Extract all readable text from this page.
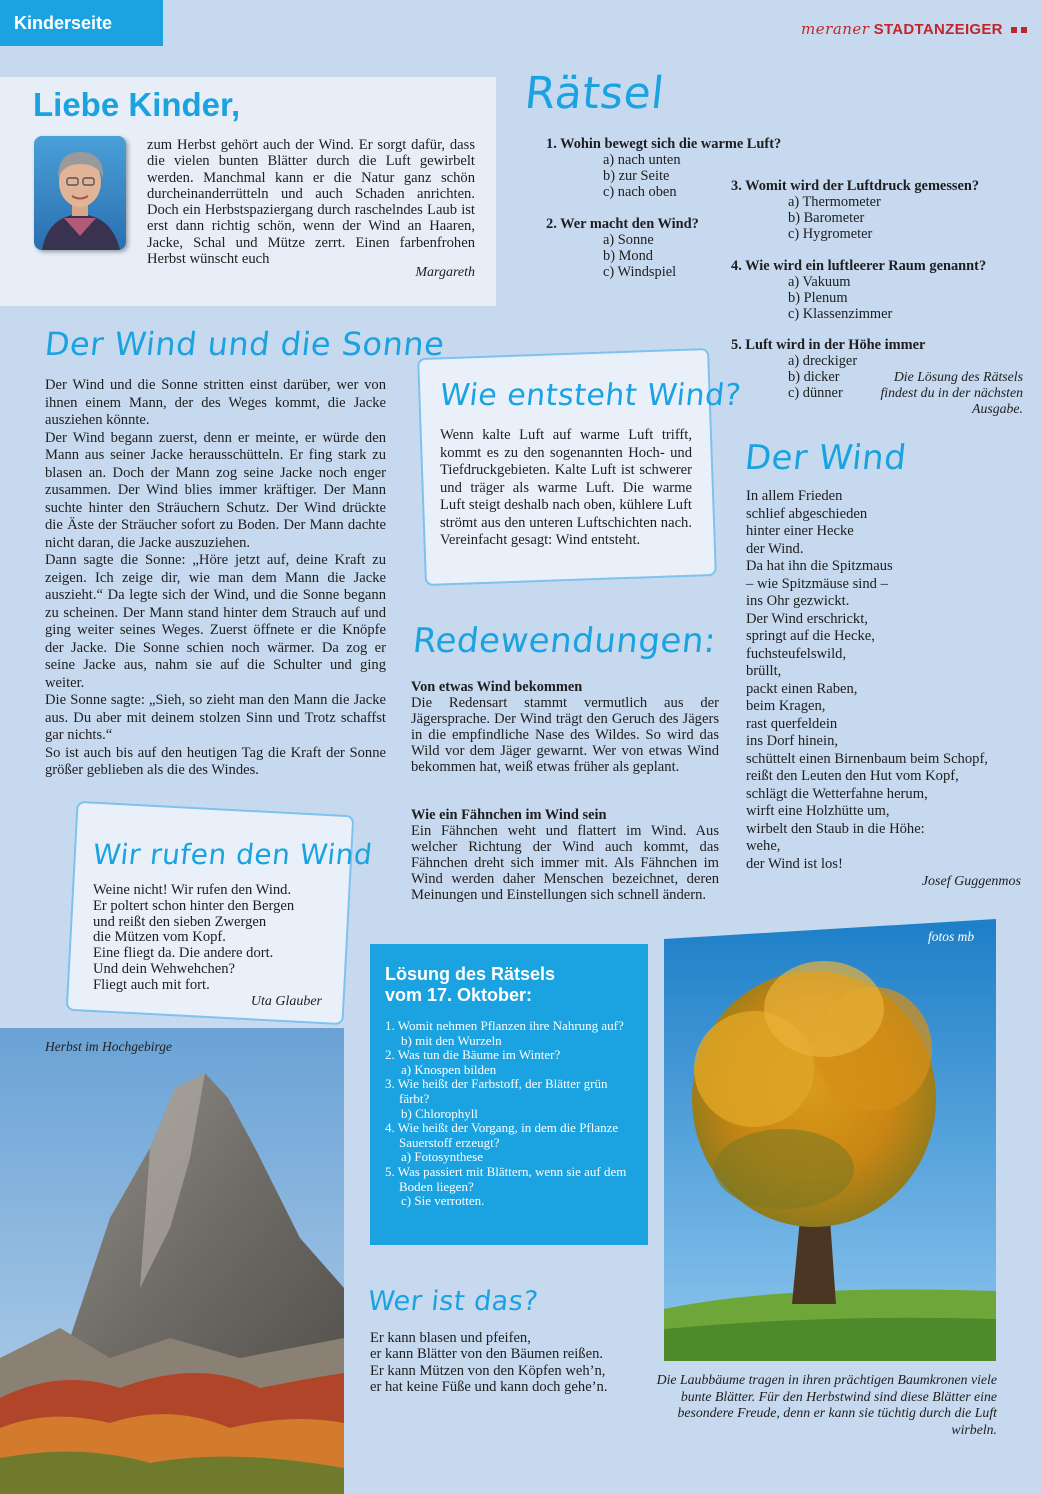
Kinderseite	meraner STADTANZEIGER
Liebe Kinder,
zum Herbst gehört auch der Wind. Er sorgt dafür, dass die vielen bunten Blätter durch die Luft gewirbelt werden. Manchmal kann er die Natur ganz schön durcheinanderrütteln und auch Schaden anrichten. Doch ein Herbstspaziergang durch raschelndes Laub ist erst dann richtig schön, wenn der Wind an Haaren, Jacke, Schal und Mütze zerrt. Einen farbenfrohen Herbst wünscht euch
Margareth
Rätsel
1. Wohin bewegt sich die warme Luft?
a) nach unten
b) zur Seite
c) nach oben
2. Wer macht den Wind?
a) Sonne
b) Mond
c) Windspiel
3. Womit wird der Luftdruck gemessen?
a) Thermometer
b) Barometer
c) Hygrometer
4. Wie wird ein luftleerer Raum genannt?
a) Vakuum
b) Plenum
c) Klassenzimmer
5. Luft wird in der Höhe immer
a) dreckiger
b) dicker
c) dünner
Die Lösung des Rätsels findest du in der nächsten Ausgabe.
Der Wind und die Sonne
Der Wind und die Sonne stritten einst darüber, wer von ihnen einem Mann, der des Weges kommt, die Jacke ausziehen könnte.
Der Wind begann zuerst, denn er meinte, er würde den Mann aus seiner Jacke herausschütteln. Er fing stark zu blasen an. Doch der Mann zog seine Jacke noch enger zusammen. Der Wind blies immer kräftiger. Der Mann suchte hinter den Sträuchern Schutz. Der Wind drückte die Äste der Sträucher sofort zu Boden. Der Mann dachte nicht daran, die Jacke auszuziehen.
Dann sagte die Sonne: „Höre jetzt auf, deine Kraft zu zeigen. Ich zeige dir, wie man dem Mann die Jacke auszieht.“ Da legte sich der Wind, und die Sonne begann zu scheinen. Der Mann stand hinter dem Strauch auf und ging weiter seines Weges. Zuerst öffnete er die Knöpfe der Jacke. Die Sonne schien noch wärmer. Da zog er seine Jacke aus, nahm sie auf die Schulter und ging weiter.
Die Sonne sagte: „Sieh, so zieht man den Mann die Jacke aus. Du aber mit deinem stolzen Sinn und Trotz schaffst gar nichts.“
So ist auch bis auf den heutigen Tag die Kraft der Sonne größer geblieben als die des Windes.
Wie entsteht Wind?
Wenn kalte Luft auf warme Luft trifft, kommt es zu den sogenannten Hoch- und Tiefdruckgebieten. Kalte Luft ist schwerer und träger als warme Luft. Die warme Luft steigt deshalb nach oben, kühlere Luft strömt aus den unteren Luftschichten nach. Vereinfacht gesagt: Wind entsteht.
Der Wind
In allem Frieden
schlief abgeschieden
hinter einer Hecke
der Wind.
Da hat ihn die Spitzmaus
– wie Spitzmäuse sind –
ins Ohr gezwickt.
Der Wind erschrickt,
springt auf die Hecke,
fuchsteufelswild,
brüllt,
packt einen Raben,
beim Kragen,
rast querfeldein
ins Dorf hinein,
schüttelt einen Birnenbaum beim Schopf,
reißt den Leuten den Hut vom Kopf,
schlägt die Wetterfahne herum,
wirft eine Holzhütte um,
wirbelt den Staub in die Höhe:
wehe,
der Wind ist los!
Josef Guggenmos
Redewendungen:
Von etwas Wind bekommen
Die Redensart stammt vermutlich aus der Jägersprache. Der Wind trägt den Geruch des Jägers in die empfindliche Nase des Wildes. So wird das Wild vor dem Jäger gewarnt. Wer von etwas Wind bekommen hat, weiß etwas früher als geplant.
Wie ein Fähnchen im Wind sein
Ein Fähnchen weht und flattert im Wind. Aus welcher Richtung der Wind auch kommt, das Fähnchen dreht sich immer mit. Als Fähnchen im Wind werden daher Menschen bezeichnet, deren Meinungen und Einstellungen sich schnell ändern.
Wir rufen den Wind
Weine nicht! Wir rufen den Wind.
Er poltert schon hinter den Bergen
und reißt den sieben Zwergen
die Mützen vom Kopf.
Eine fliegt da. Die andere dort.
Und dein Wehwehchen?
Fliegt auch mit fort.
Uta Glauber
Herbst im Hochgebirge
Lösung des Rätsels vom 17. Oktober:
1. Womit nehmen Pflanzen ihre Nahrung auf?
b) mit den Wurzeln
2. Was tun die Bäume im Winter?
a) Knospen bilden
3. Wie heißt der Farbstoff, der Blätter grün färbt?
b) Chlorophyll
4. Wie heißt der Vorgang, in dem die Pflanze Sauerstoff erzeugt?
a) Fotosynthese
5. Was passiert mit Blättern, wenn sie auf dem Boden liegen?
c) Sie verrotten.
Wer ist das?
Er kann blasen und pfeifen,
er kann Blätter von den Bäumen reißen.
Er kann Mützen von den Köpfen weh’n,
er hat keine Füße und kann doch gehe’n.
fotos mb
Die Laubbäume tragen in ihren prächtigen Baumkronen viele bunte Blätter. Für den Herbstwind sind diese Blätter eine besondere Freude, denn er kann sie tüchtig durch die Luft wirbeln.
